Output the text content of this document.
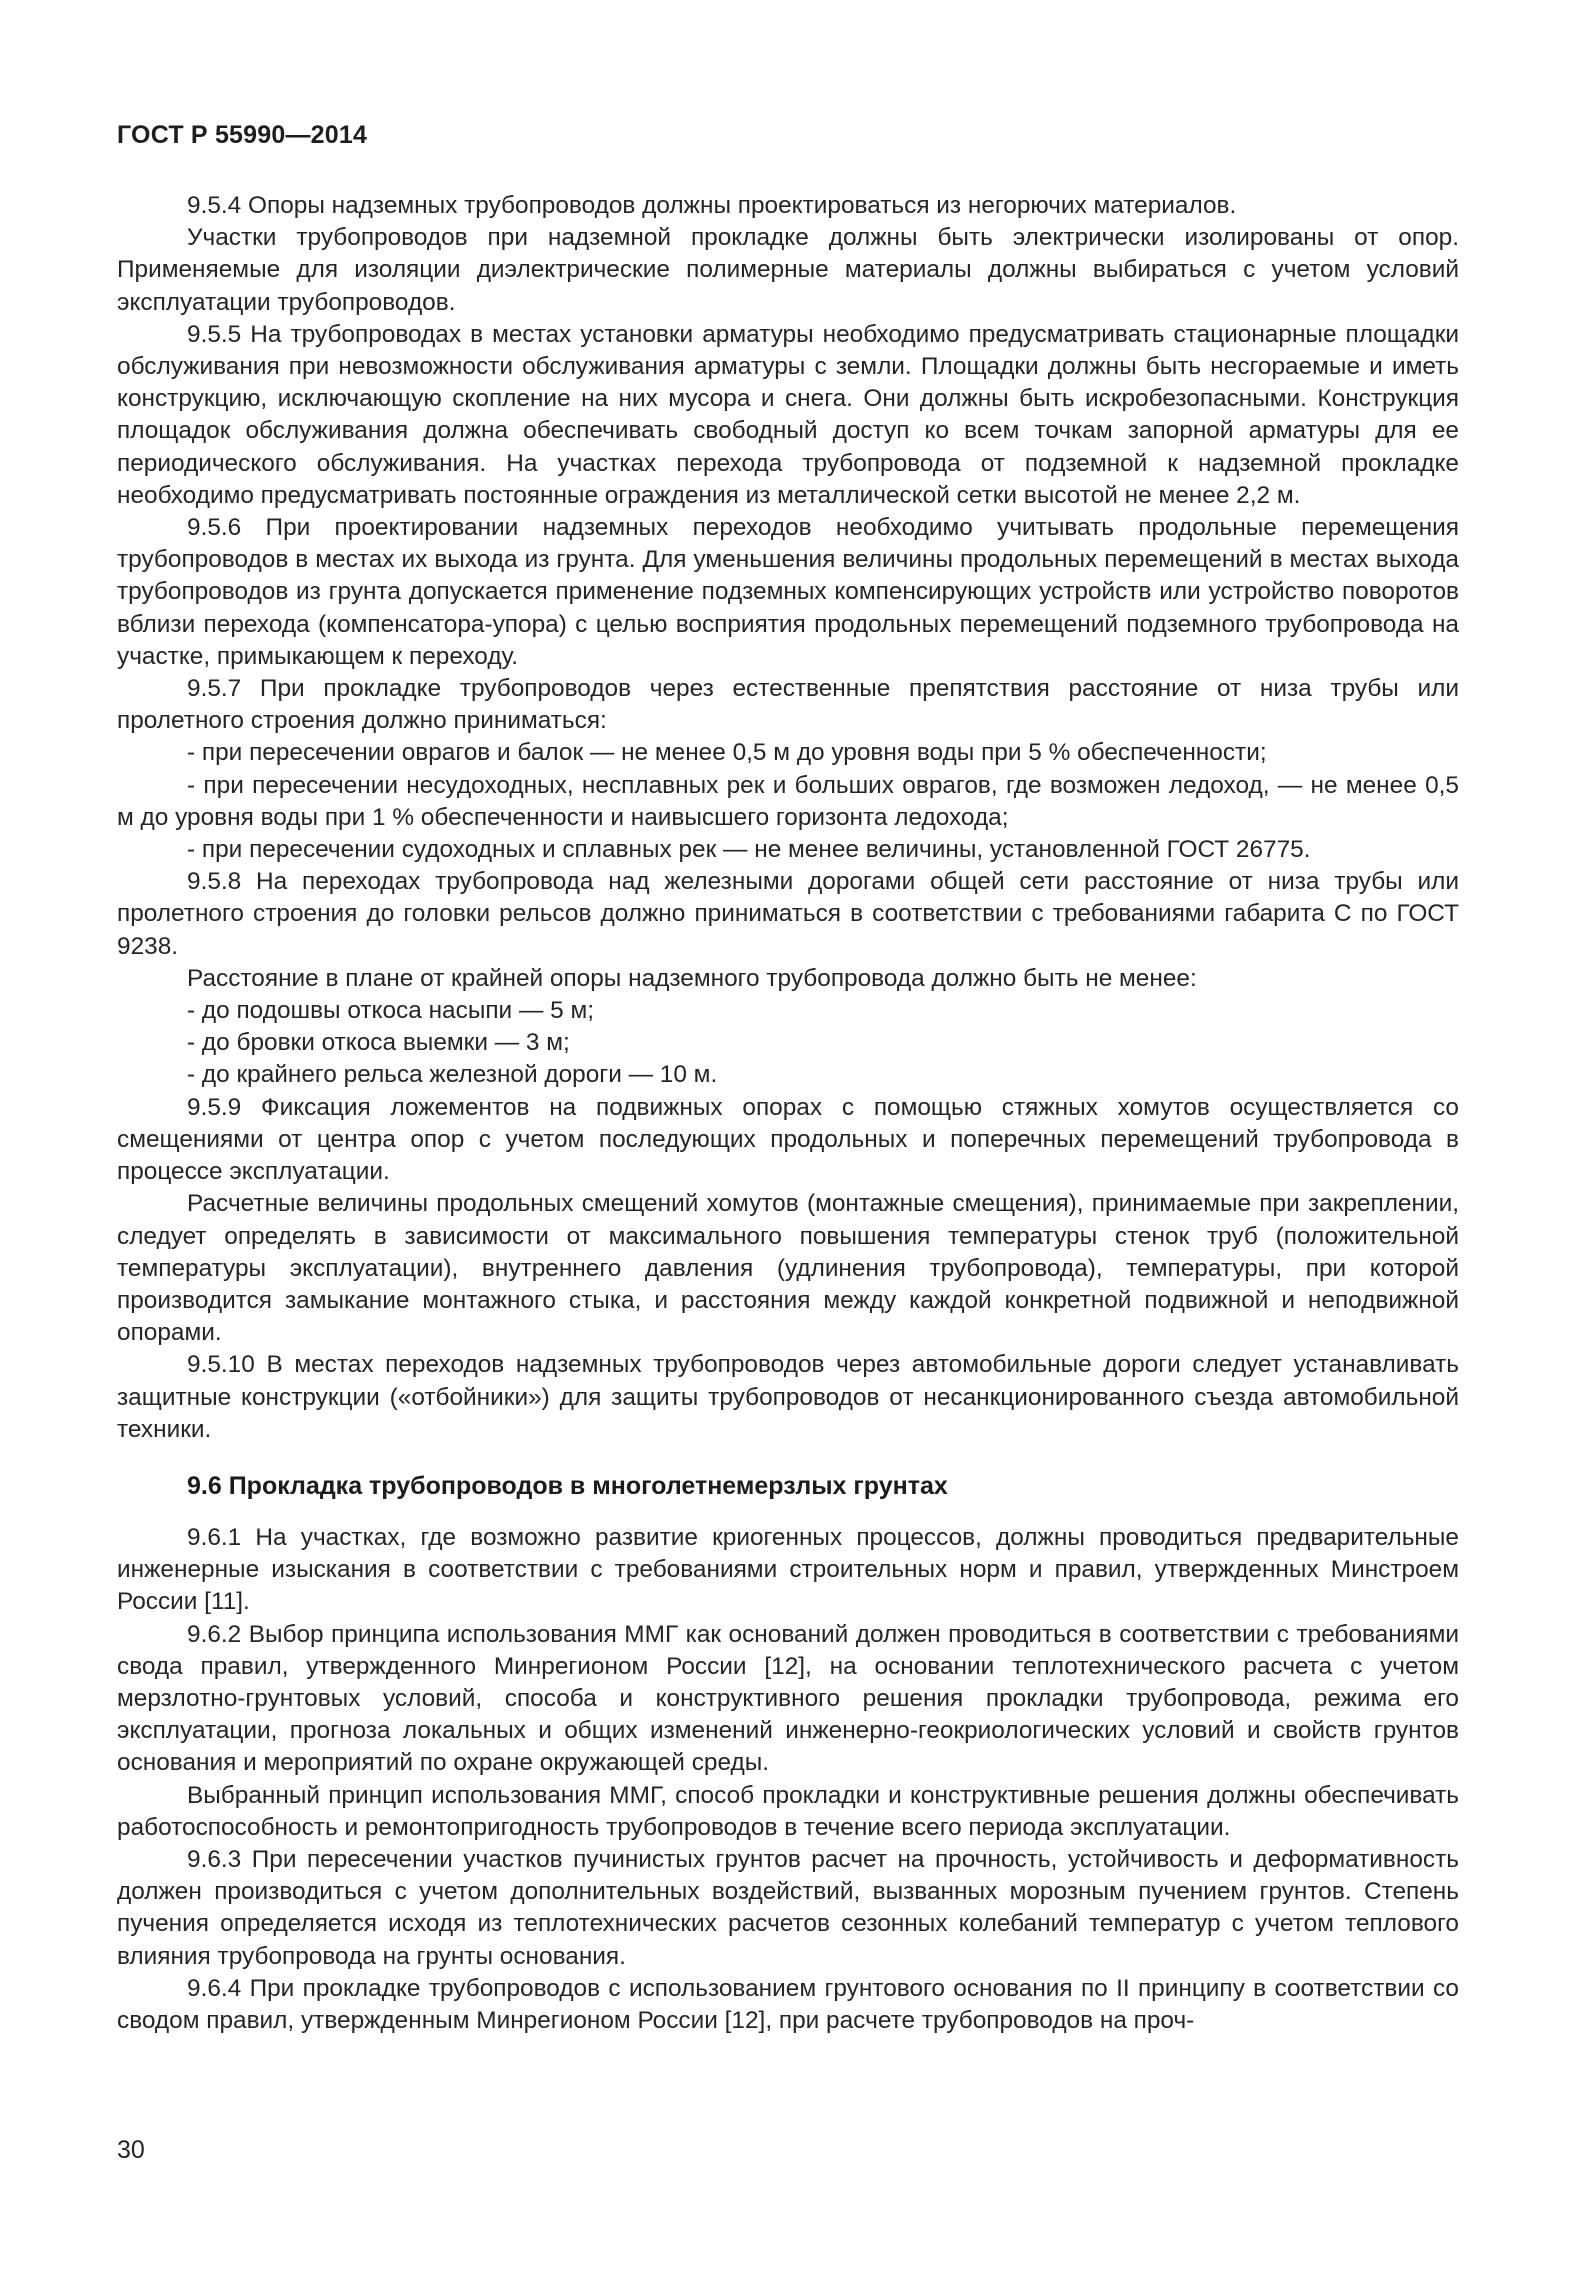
ГОСТ Р 55990—2014

9.5.4 Опоры надземных трубопроводов должны проектироваться из негорючих материалов.

Участки трубопроводов при надземной прокладке должны быть электрически изолированы от опор. Применяемые для изоляции диэлектрические полимерные материалы должны выбираться с учетом условий эксплуатации трубопроводов.

9.5.5 На трубопроводах в местах установки арматуры необходимо предусматривать стационарные площадки обслуживания при невозможности обслуживания арматуры с земли. Площадки должны быть несгораемые и иметь конструкцию, исключающую скопление на них мусора и снега. Они должны быть искробезопасными. Конструкция площадок обслуживания должна обеспечивать свободный доступ ко всем точкам запорной арматуры для ее периодического обслуживания. На участках перехода трубопровода от подземной к надземной прокладке необходимо предусматривать постоянные ограждения из металлической сетки высотой не менее 2,2 м.

9.5.6 При проектировании надземных переходов необходимо учитывать продольные перемещения трубопроводов в местах их выхода из грунта. Для уменьшения величины продольных перемещений в местах выхода трубопроводов из грунта допускается применение подземных компенсирующих устройств или устройство поворотов вблизи перехода (компенсатора-упора) с целью восприятия продольных перемещений подземного трубопровода на участке, примыкающем к переходу.

9.5.7 При прокладке трубопроводов через естественные препятствия расстояние от низа трубы или пролетного строения должно приниматься:

- при пересечении оврагов и балок — не менее 0,5 м до уровня воды при 5 % обеспеченности;

- при пересечении несудоходных, несплавных рек и больших оврагов, где возможен ледоход, — не менее 0,5 м до уровня воды при 1 % обеспеченности и наивысшего горизонта ледохода;

- при пересечении судоходных и сплавных рек — не менее величины, установленной ГОСТ 26775.

9.5.8 На переходах трубопровода над железными дорогами общей сети расстояние от низа трубы или пролетного строения до головки рельсов должно приниматься в соответствии с требованиями габарита С по ГОСТ 9238.

Расстояние в плане от крайней опоры надземного трубопровода должно быть не менее:

- до подошвы откоса насыпи — 5 м;

- до бровки откоса выемки — 3 м;

- до крайнего рельса железной дороги — 10 м.

9.5.9 Фиксация ложементов на подвижных опорах с помощью стяжных хомутов осуществляется со смещениями от центра опор с учетом последующих продольных и поперечных перемещений трубопровода в процессе эксплуатации.

Расчетные величины продольных смещений хомутов (монтажные смещения), принимаемые при закреплении, следует определять в зависимости от максимального повышения температуры стенок труб (положительной температуры эксплуатации), внутреннего давления (удлинения трубопровода), температуры, при которой производится замыкание монтажного стыка, и расстояния между каждой конкретной подвижной и неподвижной опорами.

9.5.10 В местах переходов надземных трубопроводов через автомобильные дороги следует устанавливать защитные конструкции («отбойники») для защиты трубопроводов от несанкционированного съезда автомобильной техники.

9.6 Прокладка трубопроводов в многолетнемерзлых грунтах

9.6.1 На участках, где возможно развитие криогенных процессов, должны проводиться предварительные инженерные изыскания в соответствии с требованиями строительных норм и правил, утвержденных Минстроем России [11].

9.6.2 Выбор принципа использования ММГ как оснований должен проводиться в соответствии с требованиями свода правил, утвержденного Минрегионом России [12], на основании теплотехнического расчета с учетом мерзлотно-грунтовых условий, способа и конструктивного решения прокладки трубопровода, режима его эксплуатации, прогноза локальных и общих изменений инженерно-геокриологических условий и свойств грунтов основания и мероприятий по охране окружающей среды.

Выбранный принцип использования ММГ, способ прокладки и конструктивные решения должны обеспечивать работоспособность и ремонтопригодность трубопроводов в течение всего периода эксплуатации.

9.6.3 При пересечении участков пучинистых грунтов расчет на прочность, устойчивость и деформативность должен производиться с учетом дополнительных воздействий, вызванных морозным пучением грунтов. Степень пучения определяется исходя из теплотехнических расчетов сезонных колебаний температур с учетом теплового влияния трубопровода на грунты основания.

9.6.4 При прокладке трубопроводов с использованием грунтового основания по II принципу в соответствии со сводом правил, утвержденным Минрегионом России [12], при расчете трубопроводов на проч-

30
